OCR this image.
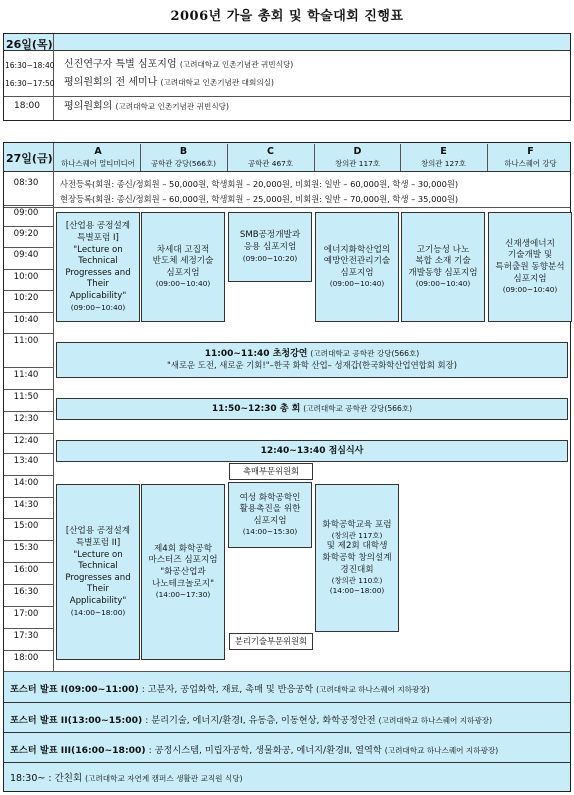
2006년 가을 총회 및 학술대회 진행표
26일(목)
16:30~18:40
16:30~17:50
신진연구자 특별 심포지엄 (고려대학교 인촌기념관 귀빈식당)
평의원회의 전 세미나 (고려대학교 인촌기념관 대회의실)
18:00 평의원회의 (고려대학교 인촌기념관 귀빈식당)
27일(금)
A
하나스퀘어 멀티미디어
B
공학관 강당(566호)
C
공학관 467호
D
창의관 117호
E
창의관 127호
F
하나스퀘어 강당
08:30
09:00
09:20
09:40
10:00
10:20
10:40
11:00
11:40
11:50
12:30
12:40
13:40
14:00
14:30
15:00
15:30
16:00
16:30
17:00
17:30
18:00
사전등록(회원: 종신/정회원 – 50,000원, 학생회원 – 20,000원, 비회원: 일반 – 60,000원, 학생 – 30,000원)
현장등록(회원: 종신/정회원 – 60,000원, 학생회원 – 25,000원, 비회원: 일반 – 70,000원, 학생 – 35,000원)
[산업용 공정설계
특별포럼 I]
"Lecture on
Technical
Progresses and
Their Applicability"
(09:00~10:40)
차세대 고집적
반도체 세정기술
심포지엄
(09:00~10:40)
SMB공정개발과
응용 심포지엄
(09:00~10:20)
에너지화학산업의
예방안전관리기술
심포지엄
(09:00~10:40)
고기능성 나노
복합 소재 기술
개발동향 심포지엄
(09:00~10:40)
신재생에너지
기술개발 및
특허출원 동향분석
심포지엄
(09:00~10:40)
11:00~11:40 초청강연 (고려대학교 공학관 강당(566호)
"새로운 도전, 새로운 기회!"–한국 화학 산업– 성재갑(한국화학산업연합회 회장)
11:50~12:30 총 회 (고려대학교 공학관 강당(566호)
12:40~13:40 점심식사
촉매부문위원회
분리기술부문위원회
[산업용 공정설계
특별포럼 II]
"Lecture on
Technical
Progresses and
Their Applicability"
(14:00~18:00)
제4회 화학공학
마스터즈 심포지엄
"화공산업과
나노테크놀로지"
(14:00~17:30)
여성 화학공학인
활용촉진을 위한
심포지엄
(14:00~15:30)
화학공학교육 포럼
(창의관 117호)
및 제2회 대학생
화학공학 창의설계
경진대회
(창의관 110호)
(14:00~18:00)
포스터 발표 I(09:00~11:00) : 고분자, 공업화학, 재료, 촉매 및 반응공학 (고려대학교 하나스퀘어 지하광장)
포스터 발표 II(13:00~15:00) : 분리기술, 에너지/환경I, 유동층, 이동현상, 화학공정안전 (고려대학교 하나스퀘어 지하광장)
포스터 발표 III(16:00~18:00) : 공정시스템, 미립자공학, 생물화공, 에너지/환경II, 열역학 (고려대학교 하나스퀘어 지하광장)
18:30~ : 간친회 (고려대학교 자연계 캠퍼스 생활관 교직원 식당)
